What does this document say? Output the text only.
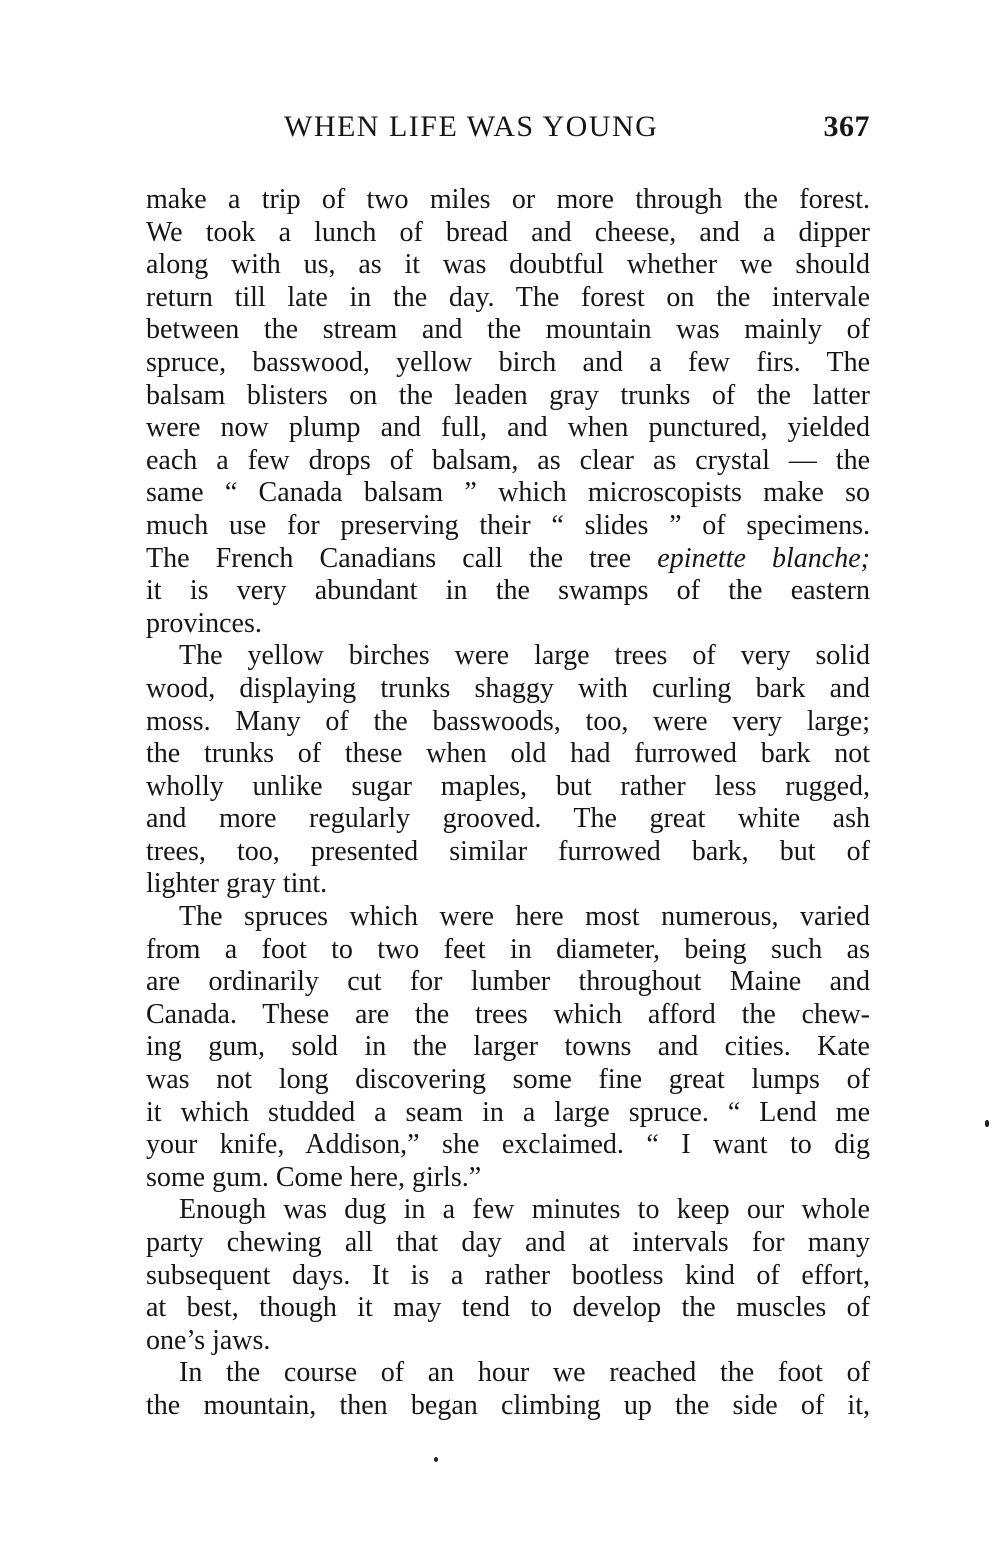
WHEN LIFE WAS YOUNG	367
make a trip of two miles or more through the forest.
We took a lunch of bread and cheese, and a dipper
along with us, as it was doubtful whether we should
return till late in the day. The forest on the intervale
between the stream and the mountain was mainly of
spruce, basswood, yellow birch and a few firs. The
balsam blisters on the leaden gray trunks of the latter
were now plump and full, and when punctured, yielded
each a few drops of balsam, as clear as crystal — the
same “ Canada balsam ” which microscopists make so
much use for preserving their “ slides ” of specimens.
The French Canadians call the tree epinette blanche;
it is very abundant in the swamps of the eastern
provinces.
The yellow birches were large trees of very solid
wood, displaying trunks shaggy with curling bark and
moss. Many of the basswoods, too, were very large;
the trunks of these when old had furrowed bark not
wholly unlike sugar maples, but rather less rugged,
and more regularly grooved. The great white ash
trees, too, presented similar furrowed bark, but of
lighter gray tint.
The spruces which were here most numerous, varied
from a foot to two feet in diameter, being such as
are ordinarily cut for lumber throughout Maine and
Canada. These are the trees which afford the chew-
ing gum, sold in the larger towns and cities. Kate
was not long discovering some fine great lumps of
it which studded a seam in a large spruce. “ Lend me
your knife, Addison,” she exclaimed. “ I want to dig
some gum. Come here, girls.”
Enough was dug in a few minutes to keep our whole
party chewing all that day and at intervals for many
subsequent days. It is a rather bootless kind of effort,
at best, though it may tend to develop the muscles of
one’s jaws.
In the course of an hour we reached the foot of
the mountain, then began climbing up the side of it,
